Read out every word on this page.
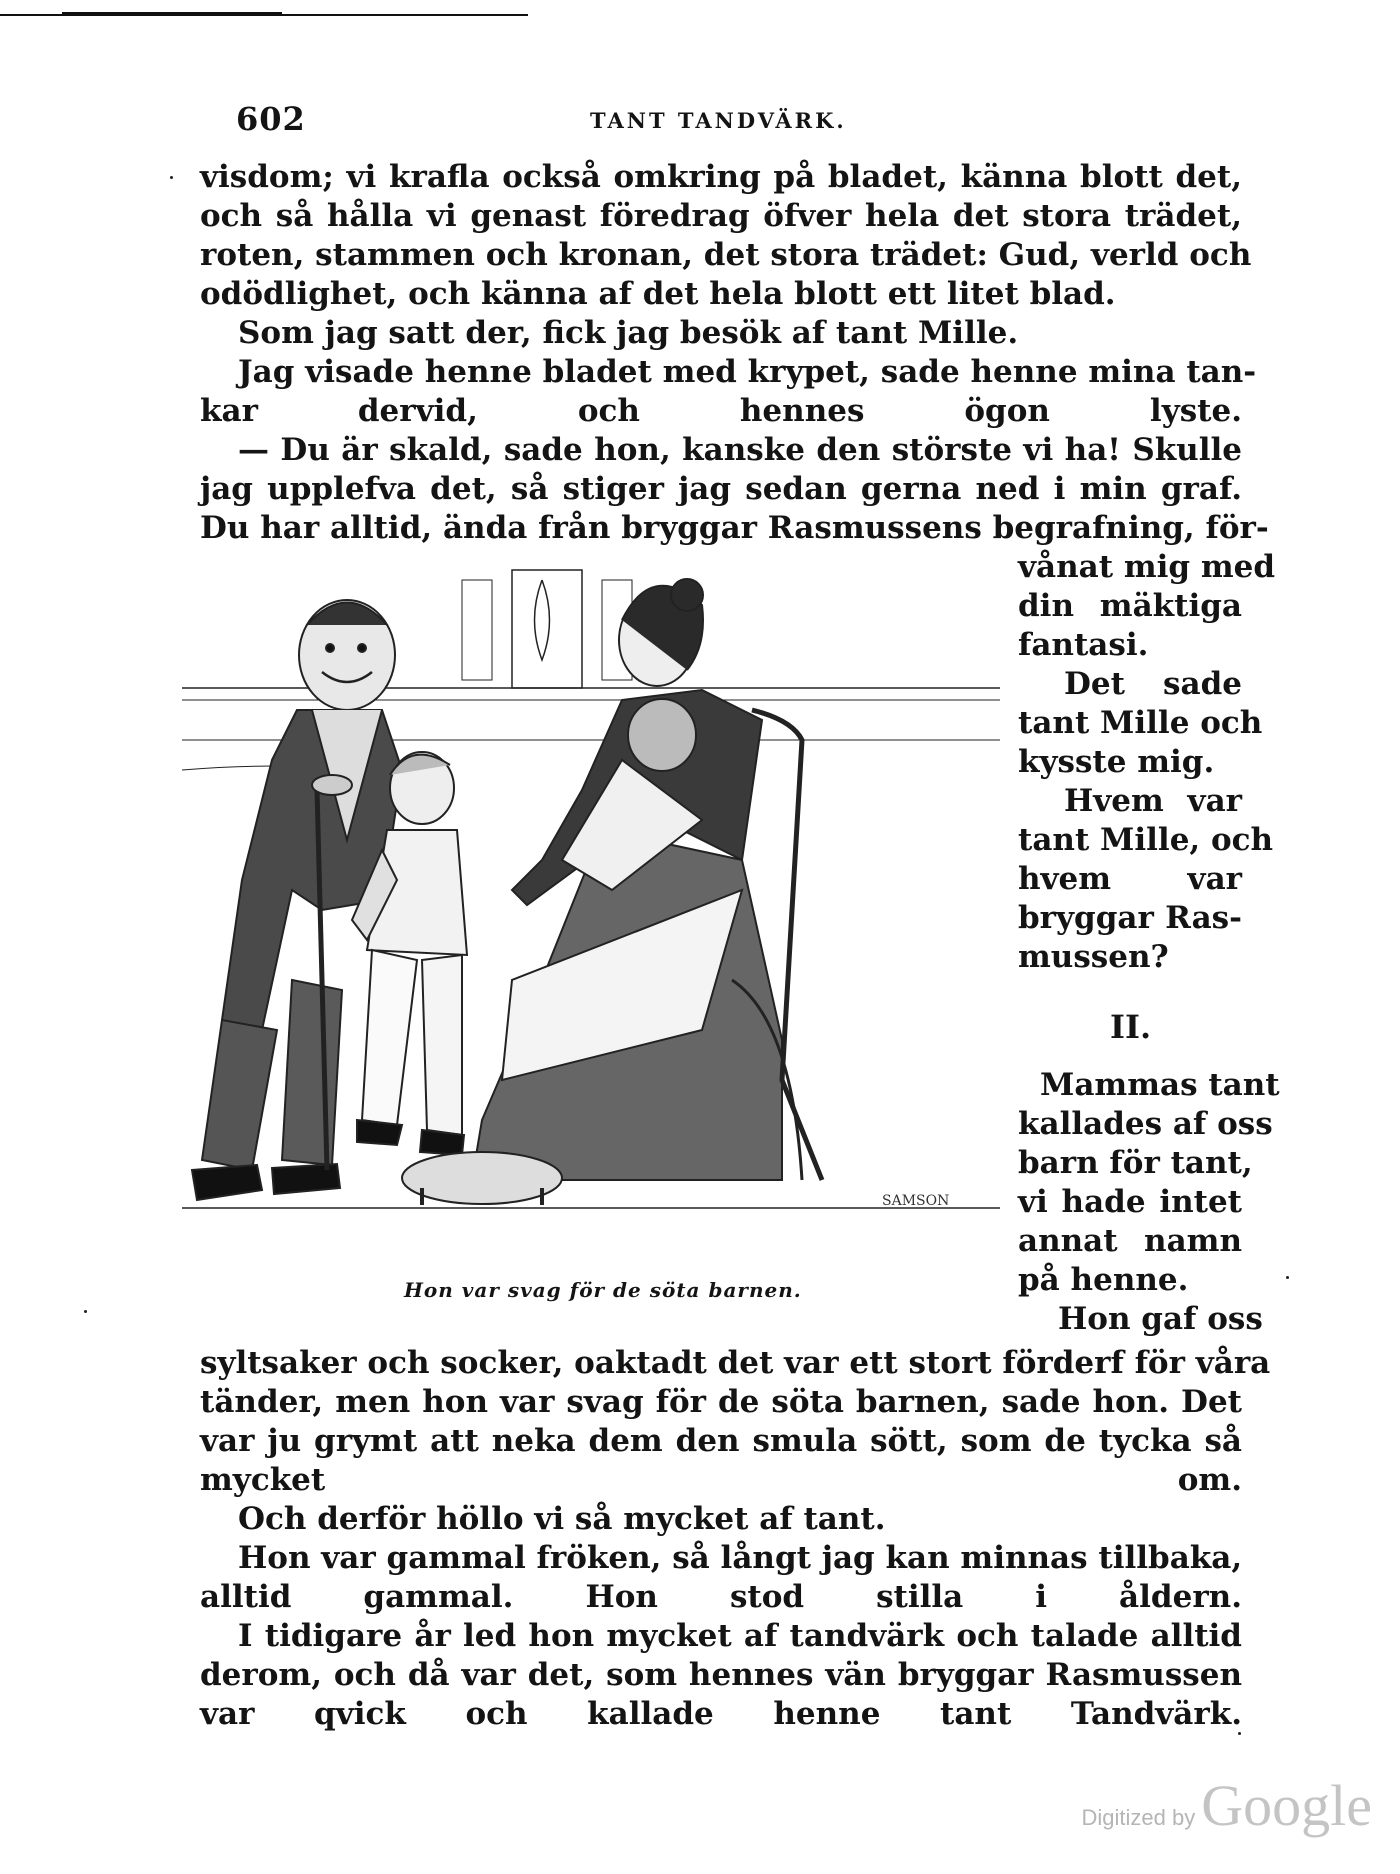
602	TANT TANDVÄRK.
visdom; vi krafla också omkring på bladet, känna blott det,
och så hålla vi genast föredrag öfver hela det stora trädet,
roten, stammen och kronan, det stora trädet: Gud, verld och
odödlighet, och känna af det hela blott ett litet blad.
Som jag satt der, fick jag besök af tant Mille.
Jag visade henne bladet med krypet, sade henne mina tan-
kar dervid, och hennes ögon lyste.
— Du är skald, sade hon, kanske den störste vi ha! Skulle
jag upplefva det, så stiger jag sedan gerna ned i min graf.
Du har alltid, ända från bryggar Rasmussens begrafning, för-
vånat mig med
din mäktiga
fantasi.
Det sade
tant Mille och
kysste mig.
Hvem var
tant Mille, och
hvem var
bryggar Ras-
mussen?
II.
Mammas tant
kallades af oss
barn för tant,
vi hade intet
annat namn
på henne.
Hon gaf oss
SAMSON
Hon var svag för de söta barnen.
syltsaker och socker, oaktadt det var ett stort förderf för våra
tänder, men hon var svag för de söta barnen, sade hon. Det
var ju grymt att neka dem den smula sött, som de tycka så
mycket om.
Och derför höllo vi så mycket af tant.
Hon var gammal fröken, så långt jag kan minnas tillbaka,
alltid gammal. Hon stod stilla i åldern.
I tidigare år led hon mycket af tandvärk och talade alltid
derom, och då var det, som hennes vän bryggar Rasmussen
var qvick och kallade henne tant Tandvärk.
Digitized by Google
